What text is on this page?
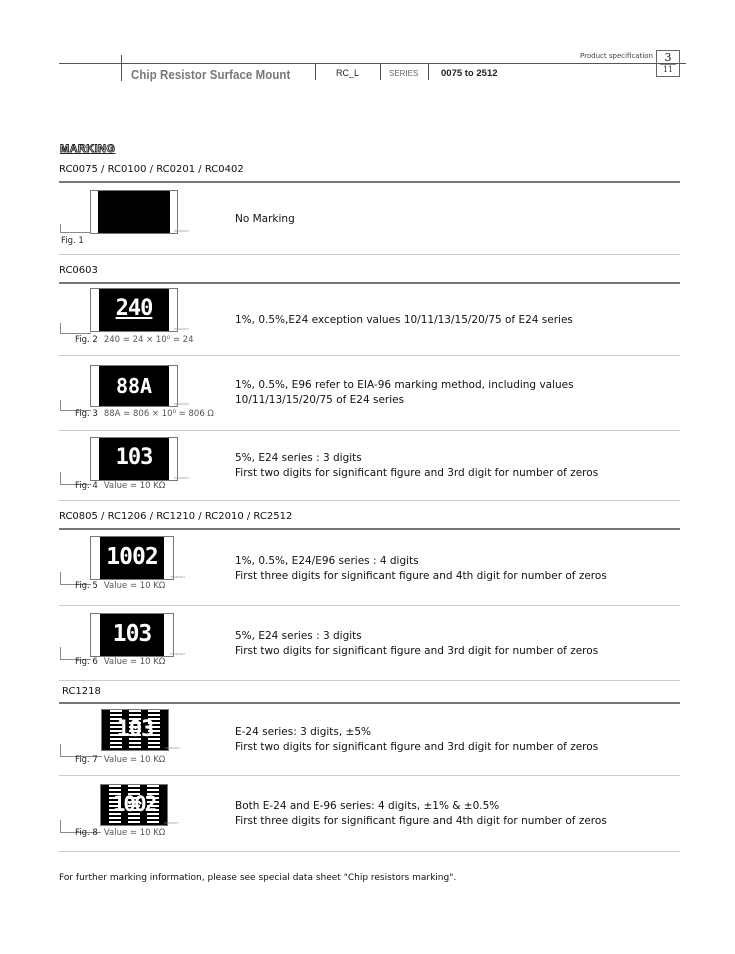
Product specification	3
11
Chip Resistor Surface Mount	RC_L	SERIES 0075 to 2512
MARKING
RC0075 / RC0100 / RC0201 / RC0402
PRODUCT
Fig. 1
No Marking
RC0603
240
PRODUCT
Fig. 2 240 = 24 × 10⁰ = 24
1%, 0.5%,E24 exception values 10/11/13/15/20/75 of E24 series
88A
PRODUCT
Fig. 3 88A = 806 × 10⁰ = 806 Ω
1%, 0.5%, E96 refer to EIA-96 marking method, including values
10/11/13/15/20/75 of E24 series
103
PRODUCT
Fig. 4 Value = 10 KΩ
5%, E24 series : 3 digits
First two digits for significant figure and 3rd digit for number of zeros
RC0805 / RC1206 / RC1210 / RC2010 / RC2512
1002
PRODUCT
Fig. 5 Value = 10 KΩ
1%, 0.5%, E24/E96 series : 4 digits
First three digits for significant figure and 4th digit for number of zeros
103
PRODUCT
Fig. 6 Value = 10 KΩ
5%, E24 series : 3 digits
First two digits for significant figure and 3rd digit for number of zeros
RC1218
103
PRODUCT
Fig. 7 Value = 10 KΩ
E-24 series: 3 digits, ±5%
First two digits for significant figure and 3rd digit for number of zeros
1002
PRODUCT
Fig. 8 Value = 10 KΩ
Both E-24 and E-96 series: 4 digits, ±1% & ±0.5%
First three digits for significant figure and 4th digit for number of zeros
For further marking information, please see special data sheet "Chip resistors marking".
